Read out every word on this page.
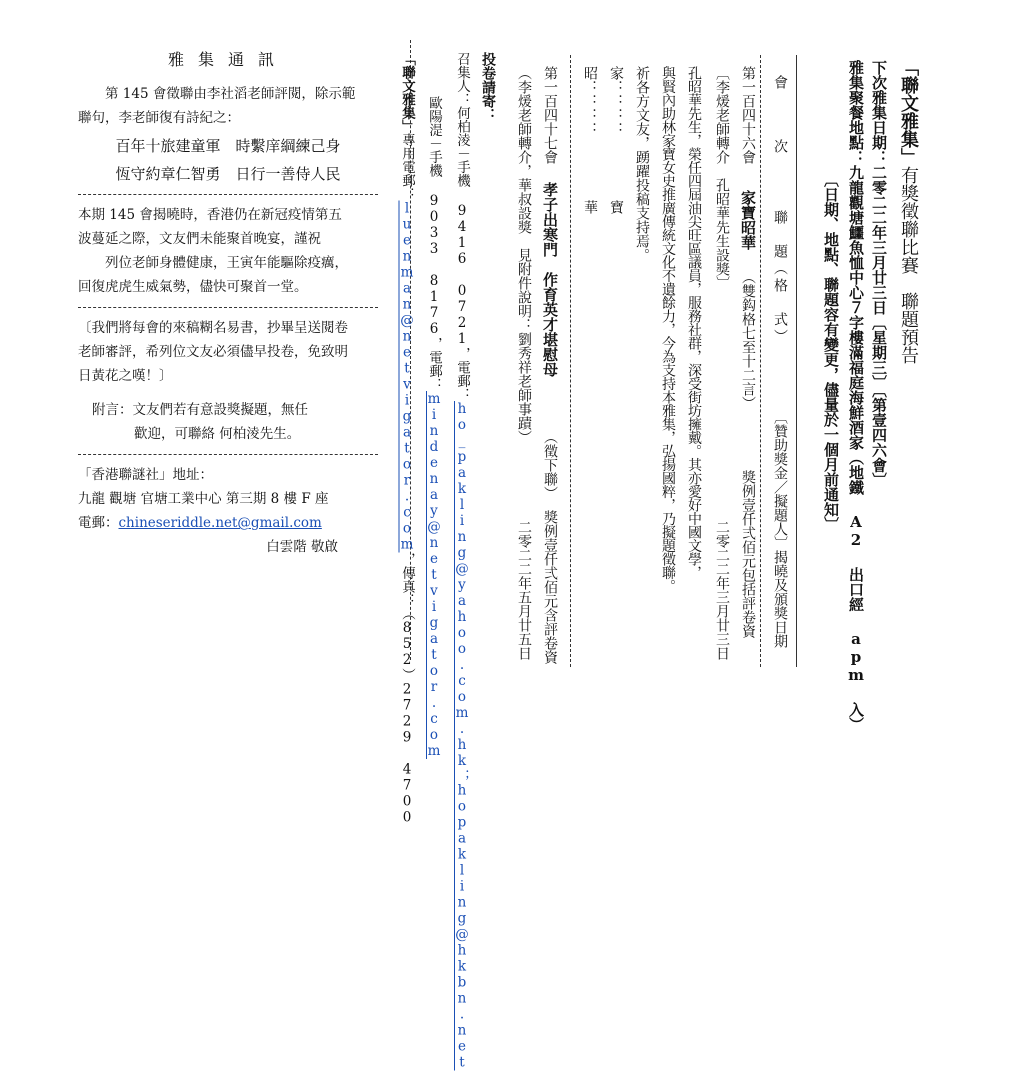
雅集通訊

第 145 會徵聯由李社滔老師評閱，除示範

聯句，李老師復有詩紀之：

百年十旅建童軍　時繫庠綱練己身
恆守約章仁智勇　日行一善侍人民

本期 145 會揭曉時，香港仍在新冠疫情第五

波蔓延之際，文友們未能聚首晚宴，謹祝

列位老師身體健康，王寅年能驅除疫癘，

回復虎虎生威氣勢，儘快可聚首一堂。

〔我們將每會的來稿糊名易書，抄畢呈送閱卷

老師審評，希列位文友必須儘早投卷，免致明

日黃花之嘆！〕

附言：文友們若有意設獎擬題，無任

歡迎，可聯絡 何柏淩先生。

「香港聯謎社」地址：

九龍 觀塘 官塘工業中心 第三期 8 樓 F 座

電郵：chineseriddle.net@gmail.com

白雲階 敬啟

「聯文雅集」有獎徵聯比賽　聯題預告
下次雅集日期：二零二二年三月廿三日〔星期三〕〔第壹四六會〕
雅集聚餐地點：九龍觀塘鱷魚恤中心７字樓滿福庭海鮮酒家（地鐵 A2 出口經 apm 入）
〔日期、地點、聯題容有變更，儘量於一個月前通知〕
會　次
聯　題（格　式）
〔贊助獎金／擬題人〕
揭曉及頒獎日期
第一百四十六會
家寶昭華
（雙鈎格七至十二言）
獎例壹仟弍佰元包括評卷資
〔李煖老師轉介　孔昭華先生設獎〕
二零二二年三月廿三日
孔昭華先生，榮任四屆油尖旺區議員，服務社群，深受街坊擁戴。其亦愛好中國文學，
與賢內助林家寶女史推廣傳統文化不遺餘力，今為支持本雅集，弘揚國粹，乃擬題徵聯。
祈各方文友，踴躍投稿支持焉。
家：：：：
寶
昭：：：：
華
第一百四十七會
孝子出寒門　作育英才堪慰母
（徵下聯）
獎例壹仟弍佰元含評卷資
（李煖老師轉介，華叔設獎　見附件說明：劉秀祥老師事蹟）
二零二二年五月廿五日
投卷請寄：
召集人：何柏淩－手機 9416 0721，電郵：ho_pakling@yahoo.com.hk；hopakling@hkbn.net
歐陽湜－手機 9033 8176，電郵：mindenay@netvigator.com
「聯文雅集」專用電郵：luenman@netvigator.com，傳真：（852）2729 4700
